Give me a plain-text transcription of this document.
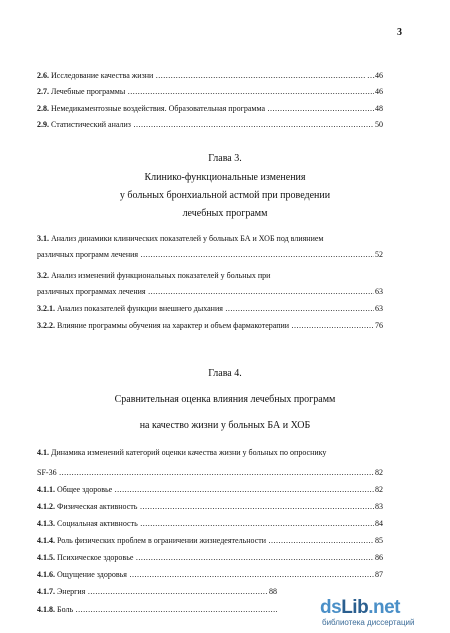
3
2.6. Исследование качества жизни .....	…46
2.7. Лечебные программы .....	46
2.8. Немедикаментозные воздействия. Образовательная программа .....	48
2.9. Статистический анализ .....	50
Глава 3.
Клинико-функциональные изменения
у больных бронхиальной астмой при проведении
лечебных программ
3.1. Анализ динамики клинических показателей у больных БА и ХОБ под влиянием
различных программ лечения .....	52
3.2. Анализ изменений функциональных показателей у больных при
различных программах лечения .....	63
3.2.1. Анализ показателей функции внешнего дыхания .....	63
3.2.2. Влияние программы обучения на характер и объем фармакотерапии .....	76
Глава 4.
Сравнительная оценка влияния лечебных программ
на качество жизни у больных БА и ХОБ
4.1. Динамика изменений категорий оценки качества жизни у больных по опроснику
SF-36 .....	82
4.1.1. Общее здоровье .....	82
4.1.2. Физическая активность .....	83
4.1.3. Социальная активность .....	84
4.1.4. Роль физических проблем в ограничении жизнедеятельности .....	85
4.1.5. Психическое здоровье .....	86
4.1.6. Ощущение здоровья .....	87
4.1.7. Энергия .....	88
4.1.8. Боль .....	dsLib.net
библиотека диссертаций
